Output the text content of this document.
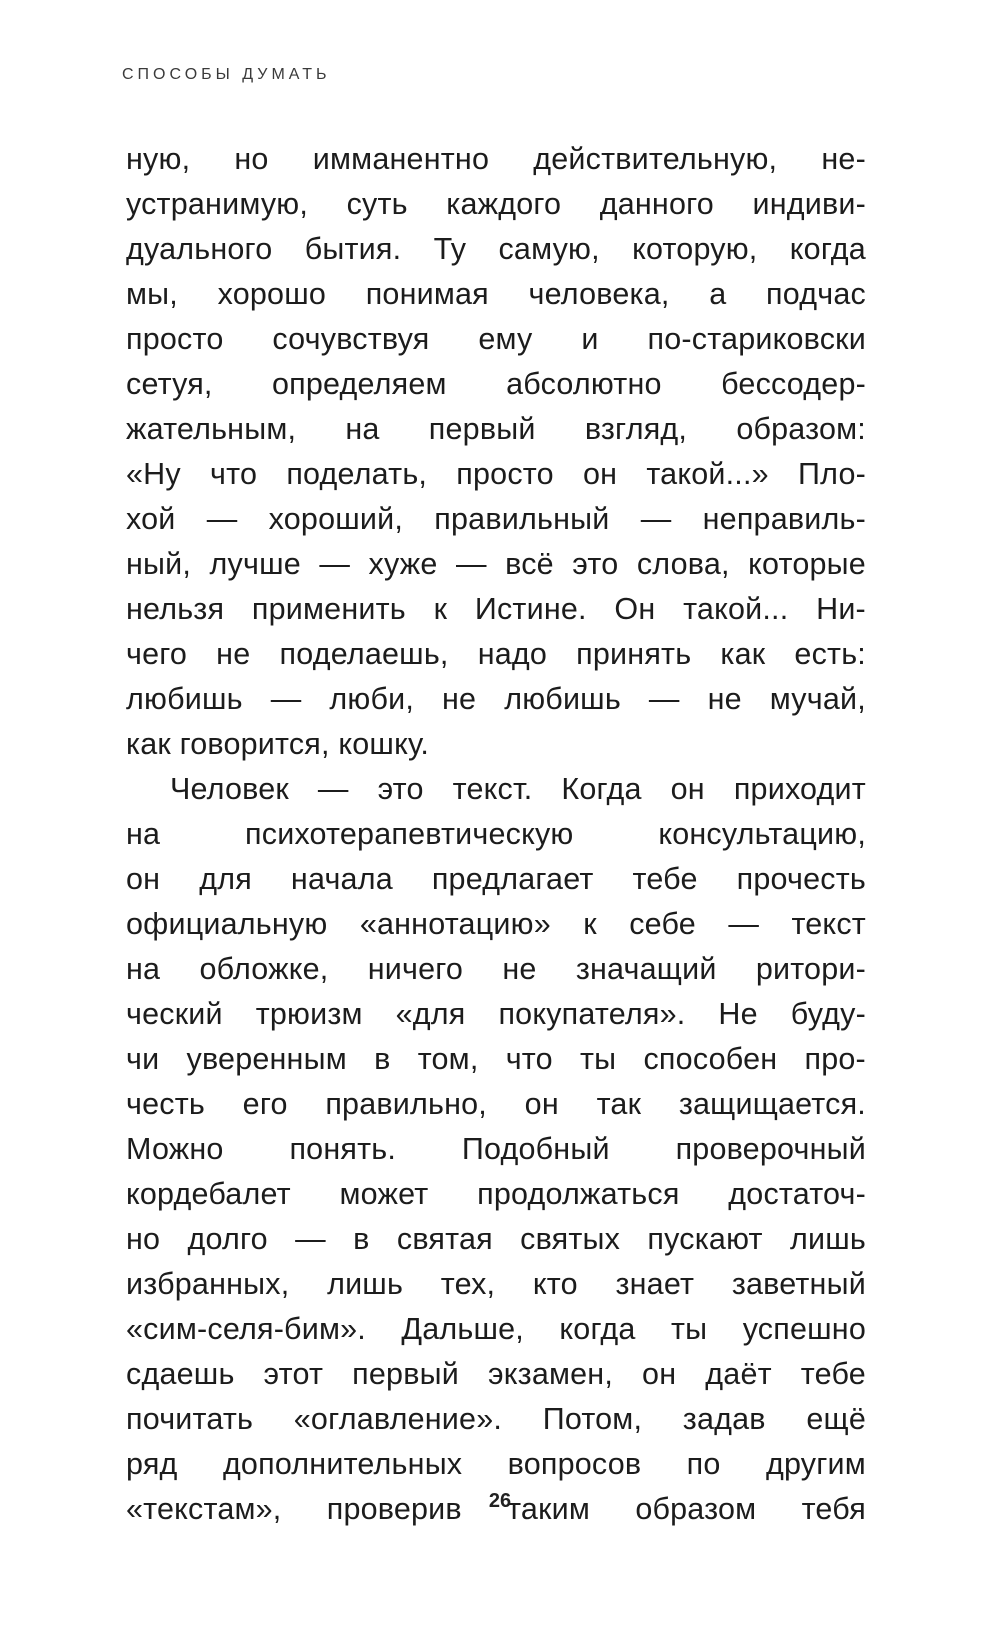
СПОСОБЫ ДУМАТЬ
ную, но имманентно действительную, не-
устранимую, суть каждого данного индиви-
дуального бытия. Ту самую, которую, когда
мы, хорошо понимая человека, а подчас
просто сочувствуя ему и по-стариковски
сетуя, определяем абсолютно бессодер-
жательным, на первый взгляд, образом:
«Ну что поделать, просто он такой...» Пло-
хой — хороший, правильный — неправиль-
ный, лучше — хуже — всё это слова, которые
нельзя применить к Истине. Он такой... Ни-
чего не поделаешь, надо принять как есть:
любишь — люби, не любишь — не мучай,
как говорится, кошку.
Человек — это текст. Когда он приходит
на	психотерапевтическую	консультацию,
он для начала предлагает тебе прочесть
официальную «аннотацию» к себе — текст
на обложке, ничего не значащий ритори-
ческий трюизм «для покупателя». Не буду-
чи уверенным в том, что ты способен про-
честь его правильно, он так защищается.
Можно понять. Подобный проверочный
кордебалет может продолжаться достаточ-
но долго — в святая святых пускают лишь
избранных, лишь тех, кто знает заветный
«сим-селя-бим». Дальше, когда ты успешно
сдаешь этот первый экзамен, он даёт тебе
почитать «оглавление». Потом, задав ещё
ряд дополнительных вопросов по другим
«текстам», проверив таким образом тебя
26
